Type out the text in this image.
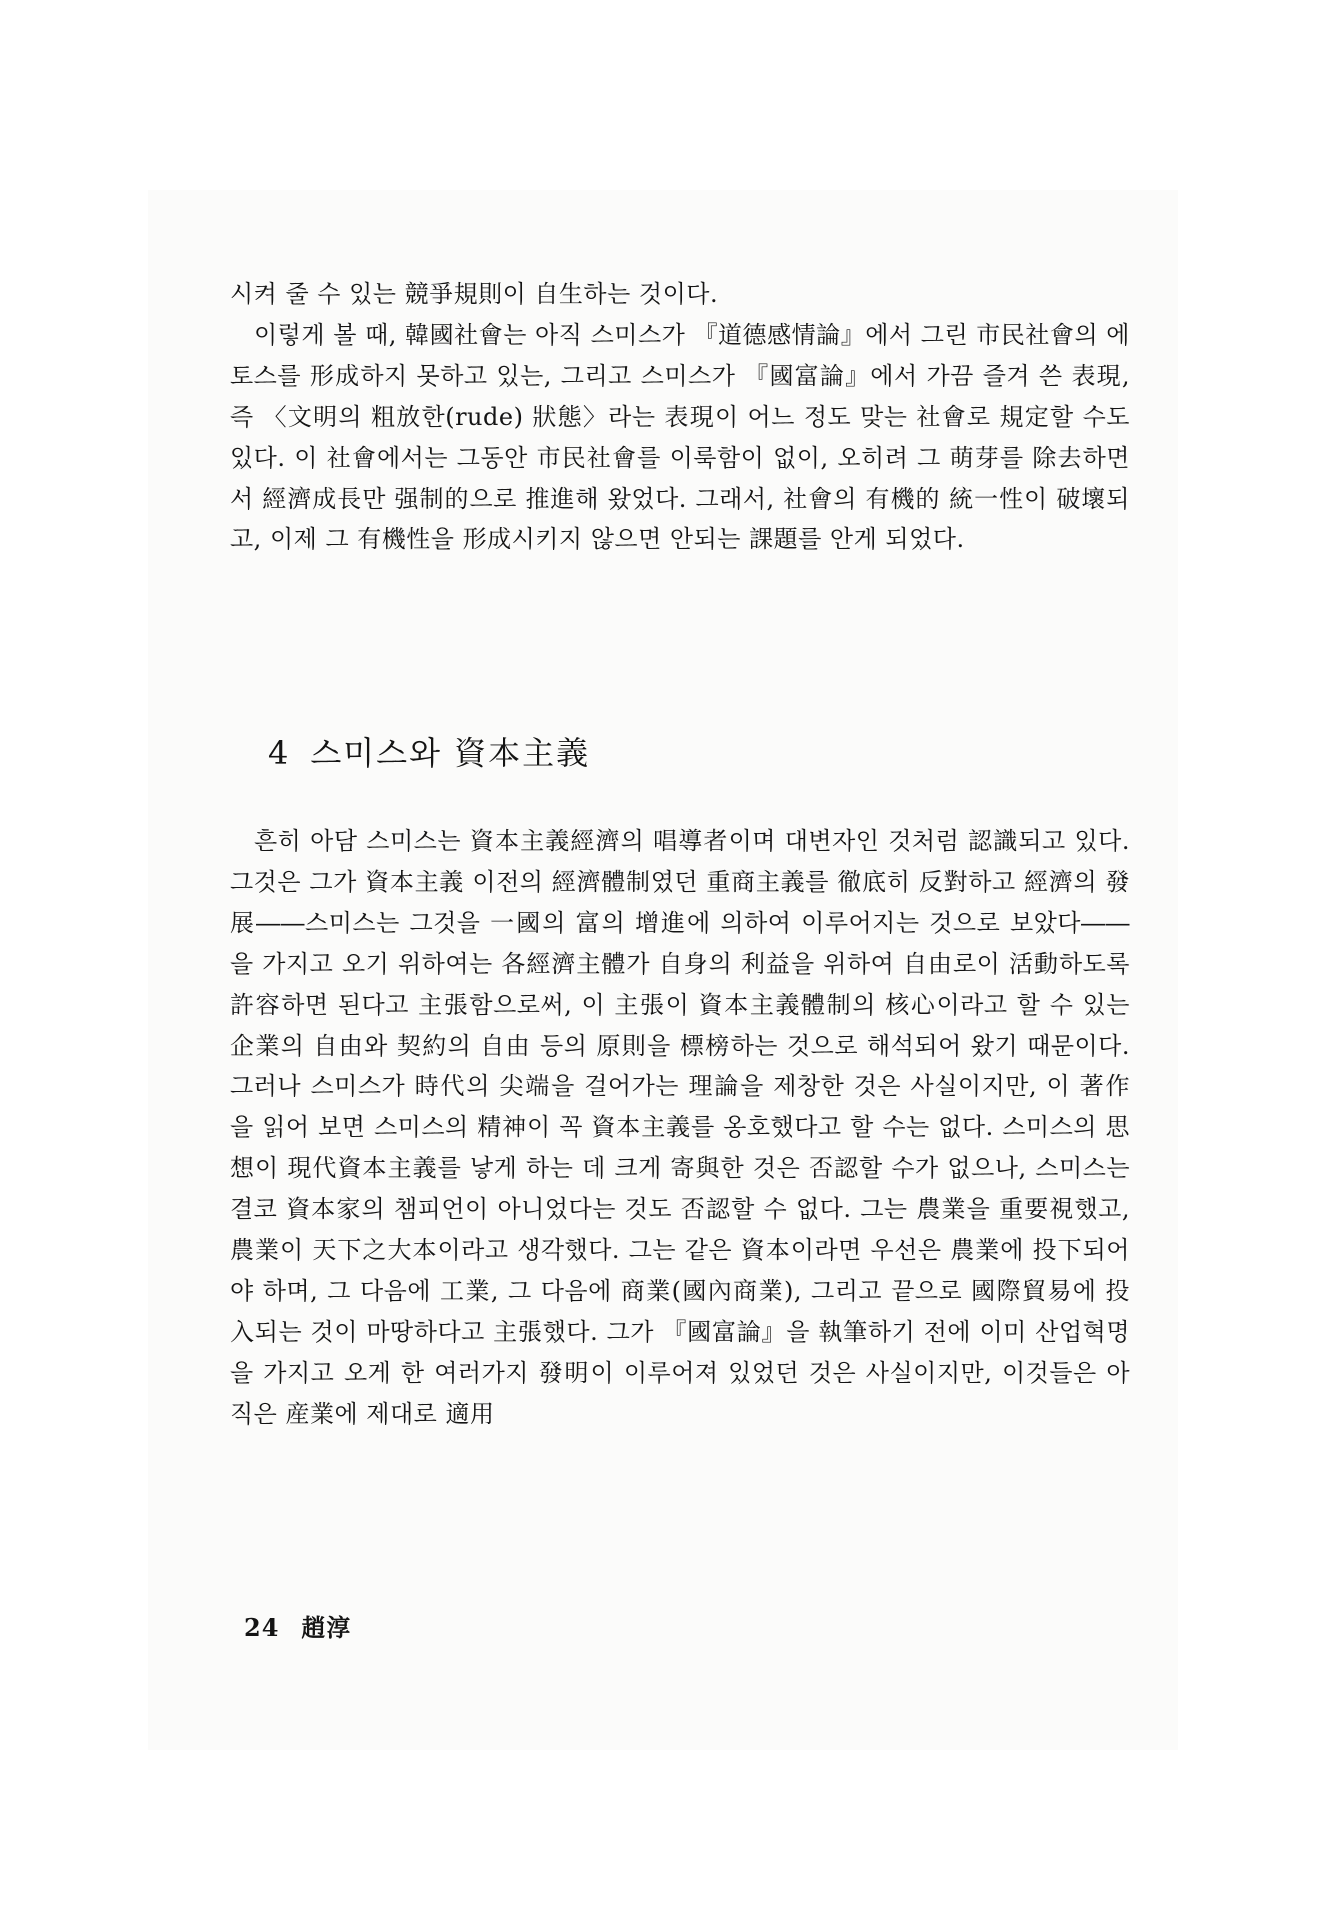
시켜 줄 수 있는 競爭規則이 自生하는 것이다.

이렇게 볼 때, 韓國社會는 아직 스미스가 『道德感情論』에서 그린 市民社會의 에토스를 形成하지 못하고 있는, 그리고 스미스가 『國富論』에서 가끔 즐겨 쓴 表現, 즉 〈文明의 粗放한(rude) 狀態〉라는 表現이 어느 정도 맞는 社會로 規定할 수도 있다. 이 社會에서는 그동안 市民社會를 이룩함이 없이, 오히려 그 萌芽를 除去하면서 經濟成長만 强制的으로 推進해 왔었다. 그래서, 社會의 有機的 統一性이 破壞되고, 이제 그 有機性을 形成시키지 않으면 안되는 課題를 안게 되었다.

4 스미스와 資本主義

흔히 아담 스미스는 資本主義經濟의 唱導者이며 대변자인 것처럼 認識되고 있다. 그것은 그가 資本主義 이전의 經濟體制였던 重商主義를 徹底히 反對하고 經濟의 發展――스미스는 그것을 一國의 富의 增進에 의하여 이루어지는 것으로 보았다――을 가지고 오기 위하여는 各經濟主體가 自身의 利益을 위하여 自由로이 活動하도록 許容하면 된다고 主張함으로써, 이 主張이 資本主義體制의 核心이라고 할 수 있는 企業의 自由와 契約의 自由 등의 原則을 標榜하는 것으로 해석되어 왔기 때문이다. 그러나 스미스가 時代의 尖端을 걸어가는 理論을 제창한 것은 사실이지만, 이 著作을 읽어 보면 스미스의 精神이 꼭 資本主義를 옹호했다고 할 수는 없다. 스미스의 思想이 現代資本主義를 낳게 하는 데 크게 寄與한 것은 否認할 수가 없으나, 스미스는 결코 資本家의 챔피언이 아니었다는 것도 否認할 수 없다. 그는 農業을 重要視했고, 農業이 天下之大本이라고 생각했다. 그는 같은 資本이라면 우선은 農業에 投下되어야 하며, 그 다음에 工業, 그 다음에 商業(國內商業), 그리고 끝으로 國際貿易에 投入되는 것이 마땅하다고 主張했다. 그가 『國富論』을 執筆하기 전에 이미 산업혁명을 가지고 오게 한 여러가지 發明이 이루어져 있었던 것은 사실이지만, 이것들은 아직은 産業에 제대로 適用

24 趙淳
